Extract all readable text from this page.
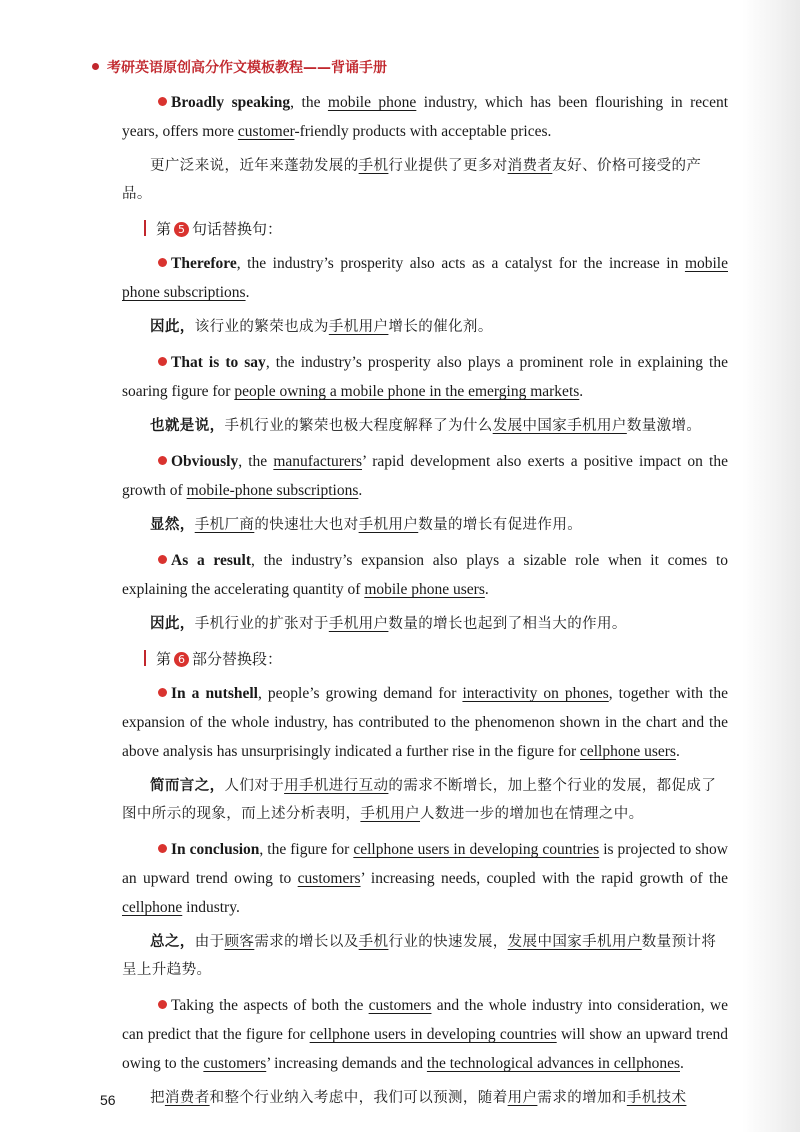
考研英语原创高分作文模板教程——背诵手册

Broadly speaking, the mobile phone industry, which has been flourishing in recent years, offers more customer-friendly products with acceptable prices.

更广泛来说，近年来蓬勃发展的手机行业提供了更多对消费者友好、价格可接受的产品。

第 5 句话替换句：

Therefore, the industry’s prosperity also acts as a catalyst for the increase in mobile phone subscriptions.

因此，该行业的繁荣也成为手机用户增长的催化剂。

That is to say, the industry’s prosperity also plays a prominent role in explaining the soaring figure for people owning a mobile phone in the emerging markets.

也就是说，手机行业的繁荣也极大程度解释了为什么发展中国家手机用户数量激增。

Obviously, the manufacturers’ rapid development also exerts a positive impact on the growth of mobile-phone subscriptions.

显然，手机厂商的快速壮大也对手机用户数量的增长有促进作用。

As a result, the industry’s expansion also plays a sizable role when it comes to explaining the accelerating quantity of mobile phone users.

因此，手机行业的扩张对于手机用户数量的增长也起到了相当大的作用。

第 6 部分替换段：

In a nutshell, people’s growing demand for interactivity on phones, together with the expansion of the whole industry, has contributed to the phenomenon shown in the chart and the above analysis has unsurprisingly indicated a further rise in the figure for cellphone users.

简而言之，人们对于用手机进行互动的需求不断增长，加上整个行业的发展，都促成了图中所示的现象，而上述分析表明，手机用户人数进一步的增加也在情理之中。

In conclusion, the figure for cellphone users in developing countries is projected to show an upward trend owing to customers’ increasing needs, coupled with the rapid growth of the cellphone industry.

总之，由于顾客需求的增长以及手机行业的快速发展，发展中国家手机用户数量预计将呈上升趋势。

Taking the aspects of both the customers and the whole industry into consideration, we can predict that the figure for cellphone users in developing countries will show an upward trend owing to the customers’ increasing demands and the technological advances in cellphones.

把消费者和整个行业纳入考虑中，我们可以预测，随着用户需求的增加和手机技术

56
